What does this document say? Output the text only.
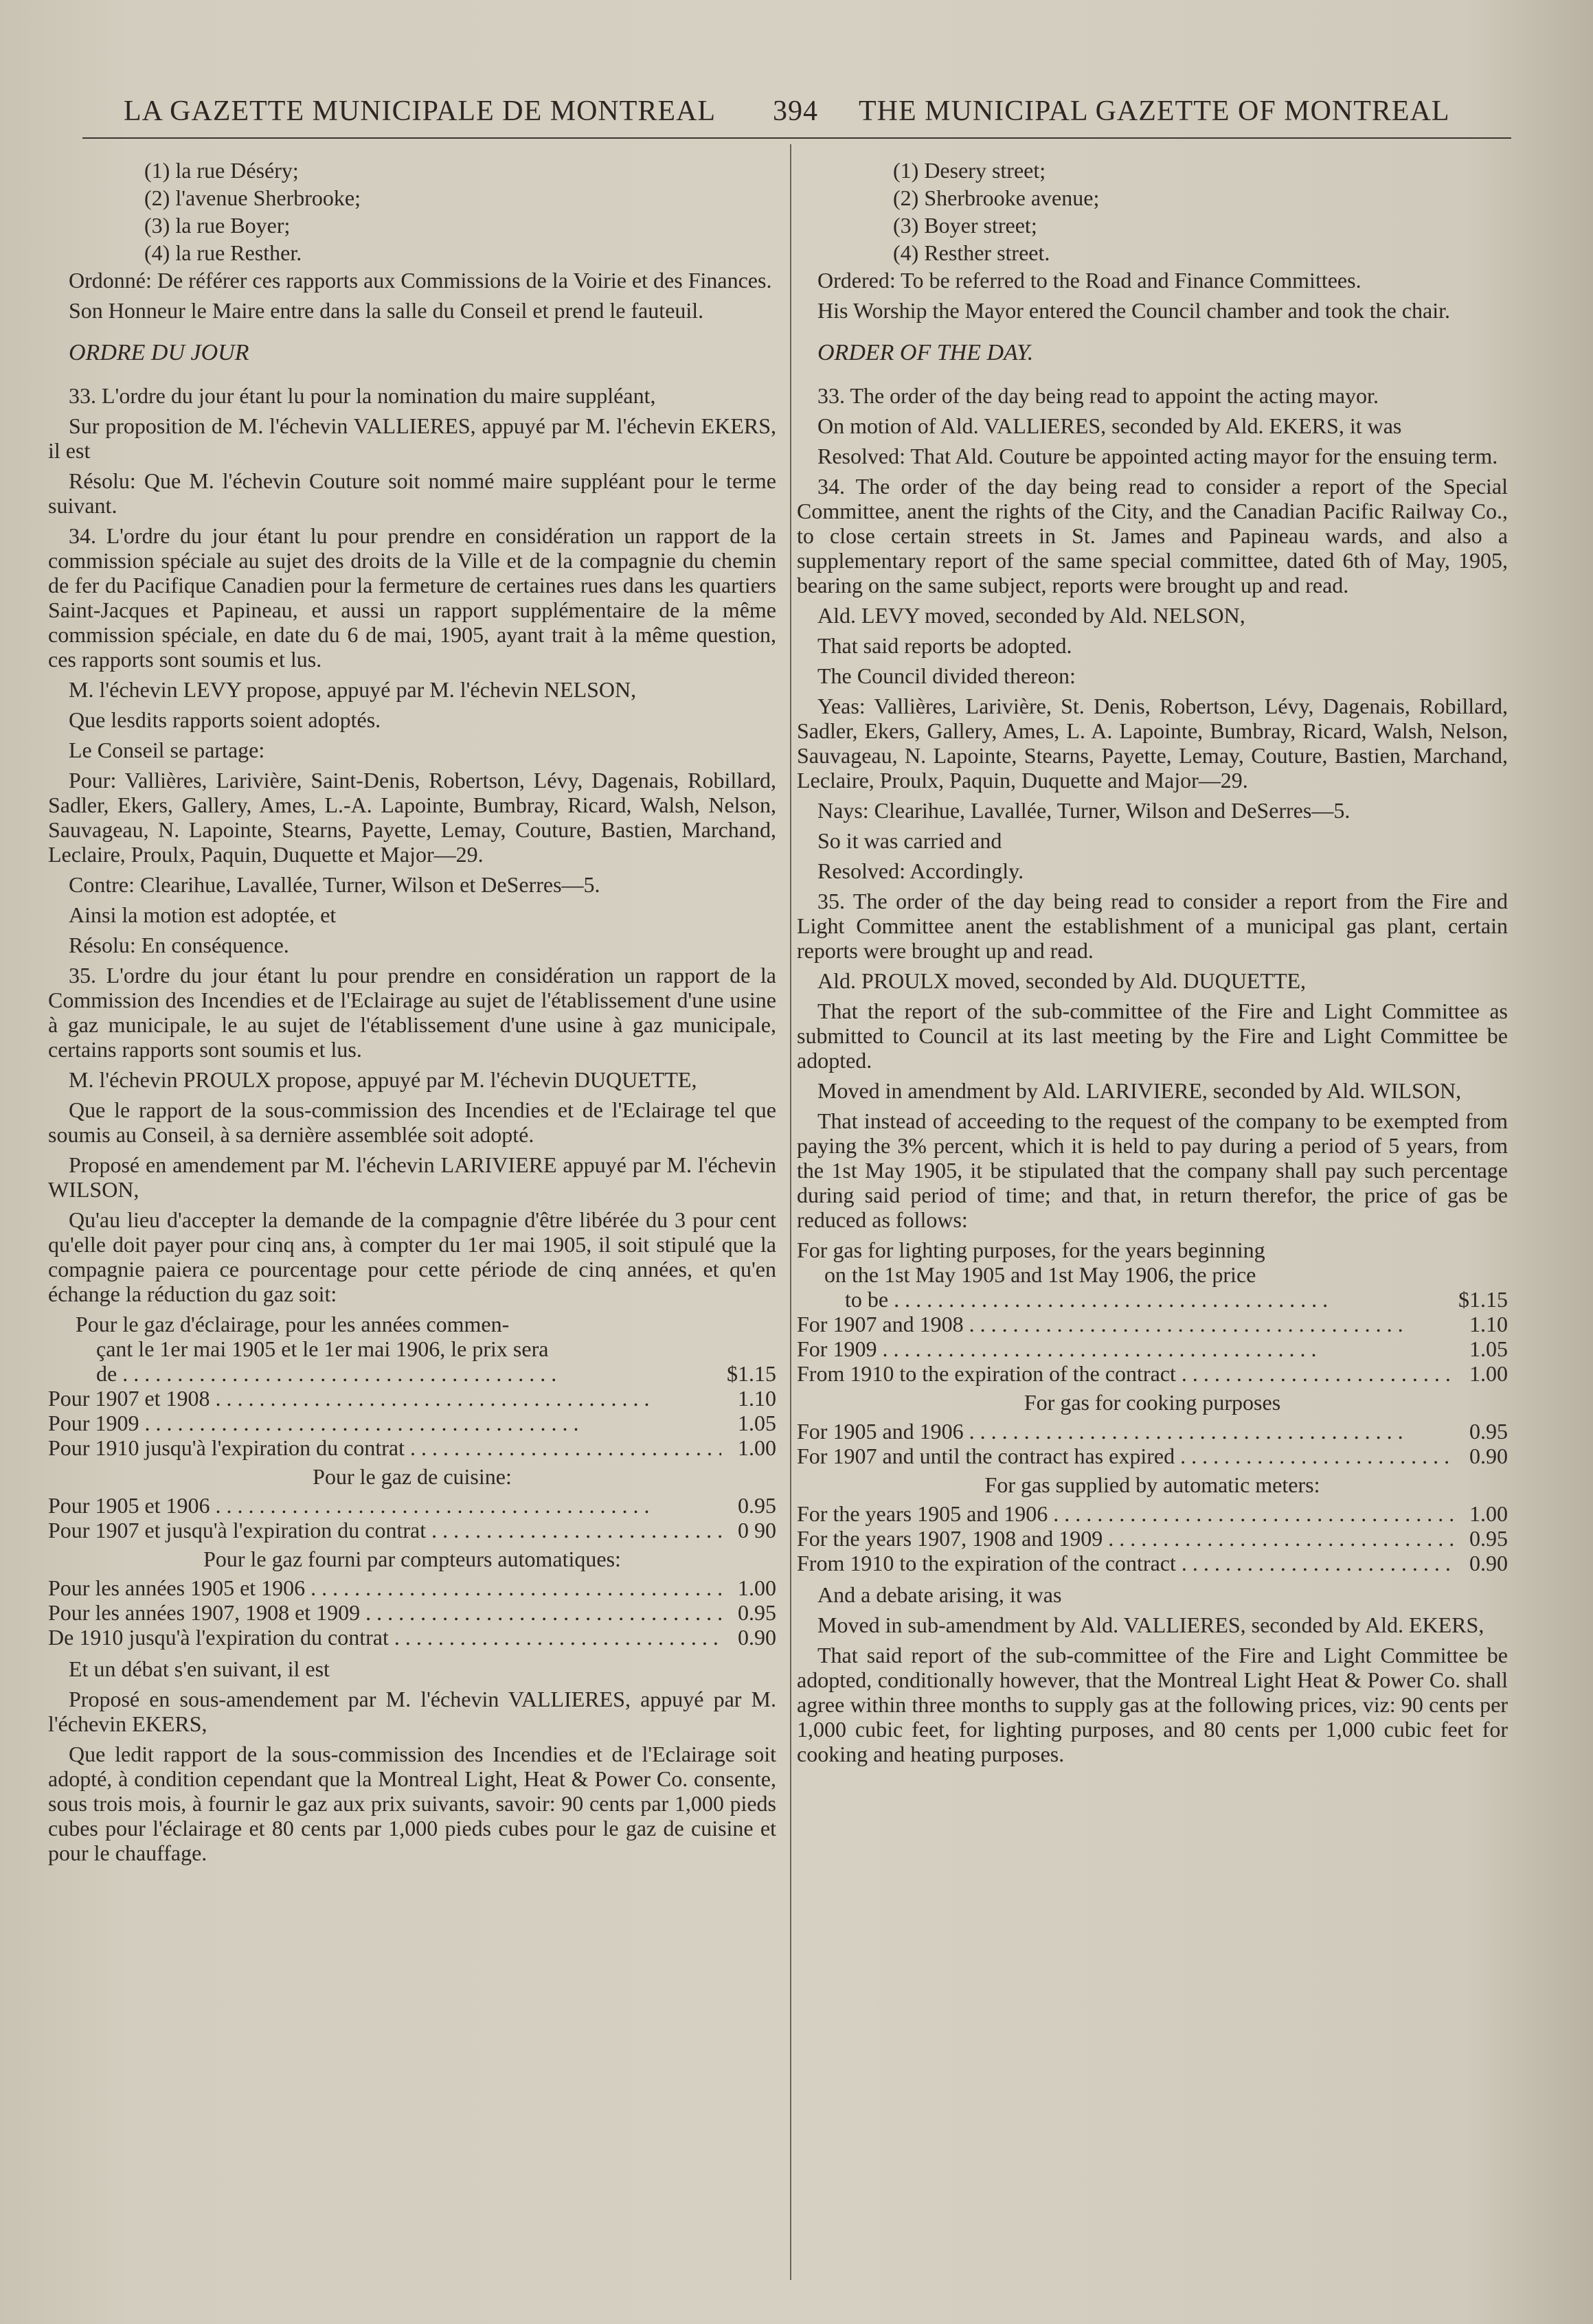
LA GAZETTE MUNICIPALE DE MONTREAL 394 THE MUNICIPAL GAZETTE OF MONTREAL

(1) la rue Déséry;

(2) l'avenue Sherbrooke;

(3) la rue Boyer;

(4) la rue Resther.

Ordonné: De référer ces rapports aux Commissions de la Voirie et des Finances.

Son Honneur le Maire entre dans la salle du Conseil et prend le fauteuil.

ORDRE DU JOUR

33. L'ordre du jour étant lu pour la nomination du maire suppléant,

Sur proposition de M. l'échevin VALLIERES, appuyé par M. l'échevin EKERS, il est

Résolu: Que M. l'échevin Couture soit nommé maire suppléant pour le terme suivant.

34. L'ordre du jour étant lu pour prendre en considération un rapport de la commission spéciale au sujet des droits de la Ville et de la compagnie du chemin de fer du Pacifique Canadien pour la fermeture de certaines rues dans les quartiers Saint-Jacques et Papineau, et aussi un rapport supplémentaire de la même commission spéciale, en date du 6 de mai, 1905, ayant trait à la même question, ces rapports sont soumis et lus.

M. l'échevin LEVY propose, appuyé par M. l'échevin NELSON,

Que lesdits rapports soient adoptés.

Le Conseil se partage:

Pour: Vallières, Larivière, Saint-Denis, Robertson, Lévy, Dagenais, Robillard, Sadler, Ekers, Gallery, Ames, L.-A. Lapointe, Bumbray, Ricard, Walsh, Nelson, Sauvageau, N. Lapointe, Stearns, Payette, Lemay, Couture, Bastien, Marchand, Leclaire, Proulx, Paquin, Duquette et Major—29.

Contre: Clearihue, Lavallée, Turner, Wilson et DeSerres—5.

Ainsi la motion est adoptée, et

Résolu: En conséquence.

35. L'ordre du jour étant lu pour prendre en considération un rapport de la Commission des Incendies et de l'Eclairage au sujet de l'établissement d'une usine à gaz municipale, le au sujet de l'établissement d'une usine à gaz municipale, certains rapports sont soumis et lus.

M. l'échevin PROULX propose, appuyé par M. l'échevin DUQUETTE,

Que le rapport de la sous-commission des Incendies et de l'Eclairage tel que soumis au Conseil, à sa dernière assemblée soit adopté.

Proposé en amendement par M. l'échevin LARIVIERE appuyé par M. l'échevin WILSON,

Qu'au lieu d'accepter la demande de la compagnie d'être libérée du 3 pour cent qu'elle doit payer pour cinq ans, à compter du 1er mai 1905, il soit stipulé que la compagnie paiera ce pourcentage pour cette période de cinq années, et qu'en échange la réduction du gaz soit:

Pour le gaz d'éclairage, pour les années commen-
çant le 1er mai 1905 et le 1er mai 1906, le prix sera
de . . .	$1.15
Pour 1907 et 1908 . . .	1.10
Pour 1909 . . .	1.05
Pour 1910 jusqu'à l'expiration du contrat . . .	1.00
Pour le gaz de cuisine:
Pour 1905 et 1906 . . .	0.95
Pour 1907 et jusqu'à l'expiration du contrat . . .	0 90
Pour le gaz fourni par compteurs automatiques:
Pour les années 1905 et 1906 . . .	1.00
Pour les années 1907, 1908 et 1909 . . .	0.95
De 1910 jusqu'à l'expiration du contrat . . .	0.90

Et un débat s'en suivant, il est

Proposé en sous-amendement par M. l'échevin VALLIERES, appuyé par M. l'échevin EKERS,

Que ledit rapport de la sous-commission des Incendies et de l'Eclairage soit adopté, à condition cependant que la Montreal Light, Heat & Power Co. consente, sous trois mois, à fournir le gaz aux prix suivants, savoir: 90 cents par 1,000 pieds cubes pour l'éclairage et 80 cents par 1,000 pieds cubes pour le gaz de cuisine et pour le chauffage.

(1) Desery street;

(2) Sherbrooke avenue;

(3) Boyer street;

(4) Resther street.

Ordered: To be referred to the Road and Finance Committees.

His Worship the Mayor entered the Council chamber and took the chair.

ORDER OF THE DAY.

33. The order of the day being read to appoint the acting mayor.

On motion of Ald. VALLIERES, seconded by Ald. EKERS, it was

Resolved: That Ald. Couture be appointed acting mayor for the ensuing term.

34. The order of the day being read to consider a report of the Special Committee, anent the rights of the City, and the Canadian Pacific Railway Co., to close certain streets in St. James and Papineau wards, and also a supplementary report of the same special committee, dated 6th of May, 1905, bearing on the same subject, reports were brought up and read.

Ald. LEVY moved, seconded by Ald. NELSON,

That said reports be adopted.

The Council divided thereon:

Yeas: Vallières, Larivière, St. Denis, Robertson, Lévy, Dagenais, Robillard, Sadler, Ekers, Gallery, Ames, L. A. Lapointe, Bumbray, Ricard, Walsh, Nelson, Sauvageau, N. Lapointe, Stearns, Payette, Lemay, Couture, Bastien, Marchand, Leclaire, Proulx, Paquin, Duquette and Major—29.

Nays: Clearihue, Lavallée, Turner, Wilson and DeSerres—5.

So it was carried and

Resolved: Accordingly.

35. The order of the day being read to consider a report from the Fire and Light Committee anent the establishment of a municipal gas plant, certain reports were brought up and read.

Ald. PROULX moved, seconded by Ald. DUQUETTE,

That the report of the sub-committee of the Fire and Light Committee as submitted to Council at its last meeting by the Fire and Light Committee be adopted.

Moved in amendment by Ald. LARIVIERE, seconded by Ald. WILSON,

That instead of acceeding to the request of the company to be exempted from paying the 3% percent, which it is held to pay during a period of 5 years, from the 1st May 1905, it be stipulated that the company shall pay such percentage during said period of time; and that, in return therefor, the price of gas be reduced as follows:

For gas for lighting purposes, for the years beginning
on the 1st May 1905 and 1st May 1906, the price
to be . . .	$1.15
For 1907 and 1908 . . .	1.10
For 1909 . . .	1.05
From 1910 to the expiration of the contract . . .	1.00
For gas for cooking purposes
For 1905 and 1906 . . .	0.95
For 1907 and until the contract has expired . . .	0.90
For gas supplied by automatic meters:
For the years 1905 and 1906 . . .	1.00
For the years 1907, 1908 and 1909 . . .	0.95
From 1910 to the expiration of the contract . . .	0.90

And a debate arising, it was

Moved in sub-amendment by Ald. VALLIERES, seconded by Ald. EKERS,

That said report of the sub-committee of the Fire and Light Committee be adopted, conditionally however, that the Montreal Light Heat & Power Co. shall agree within three months to supply gas at the following prices, viz: 90 cents per 1,000 cubic feet, for lighting purposes, and 80 cents per 1,000 cubic feet for cooking and heating purposes.
